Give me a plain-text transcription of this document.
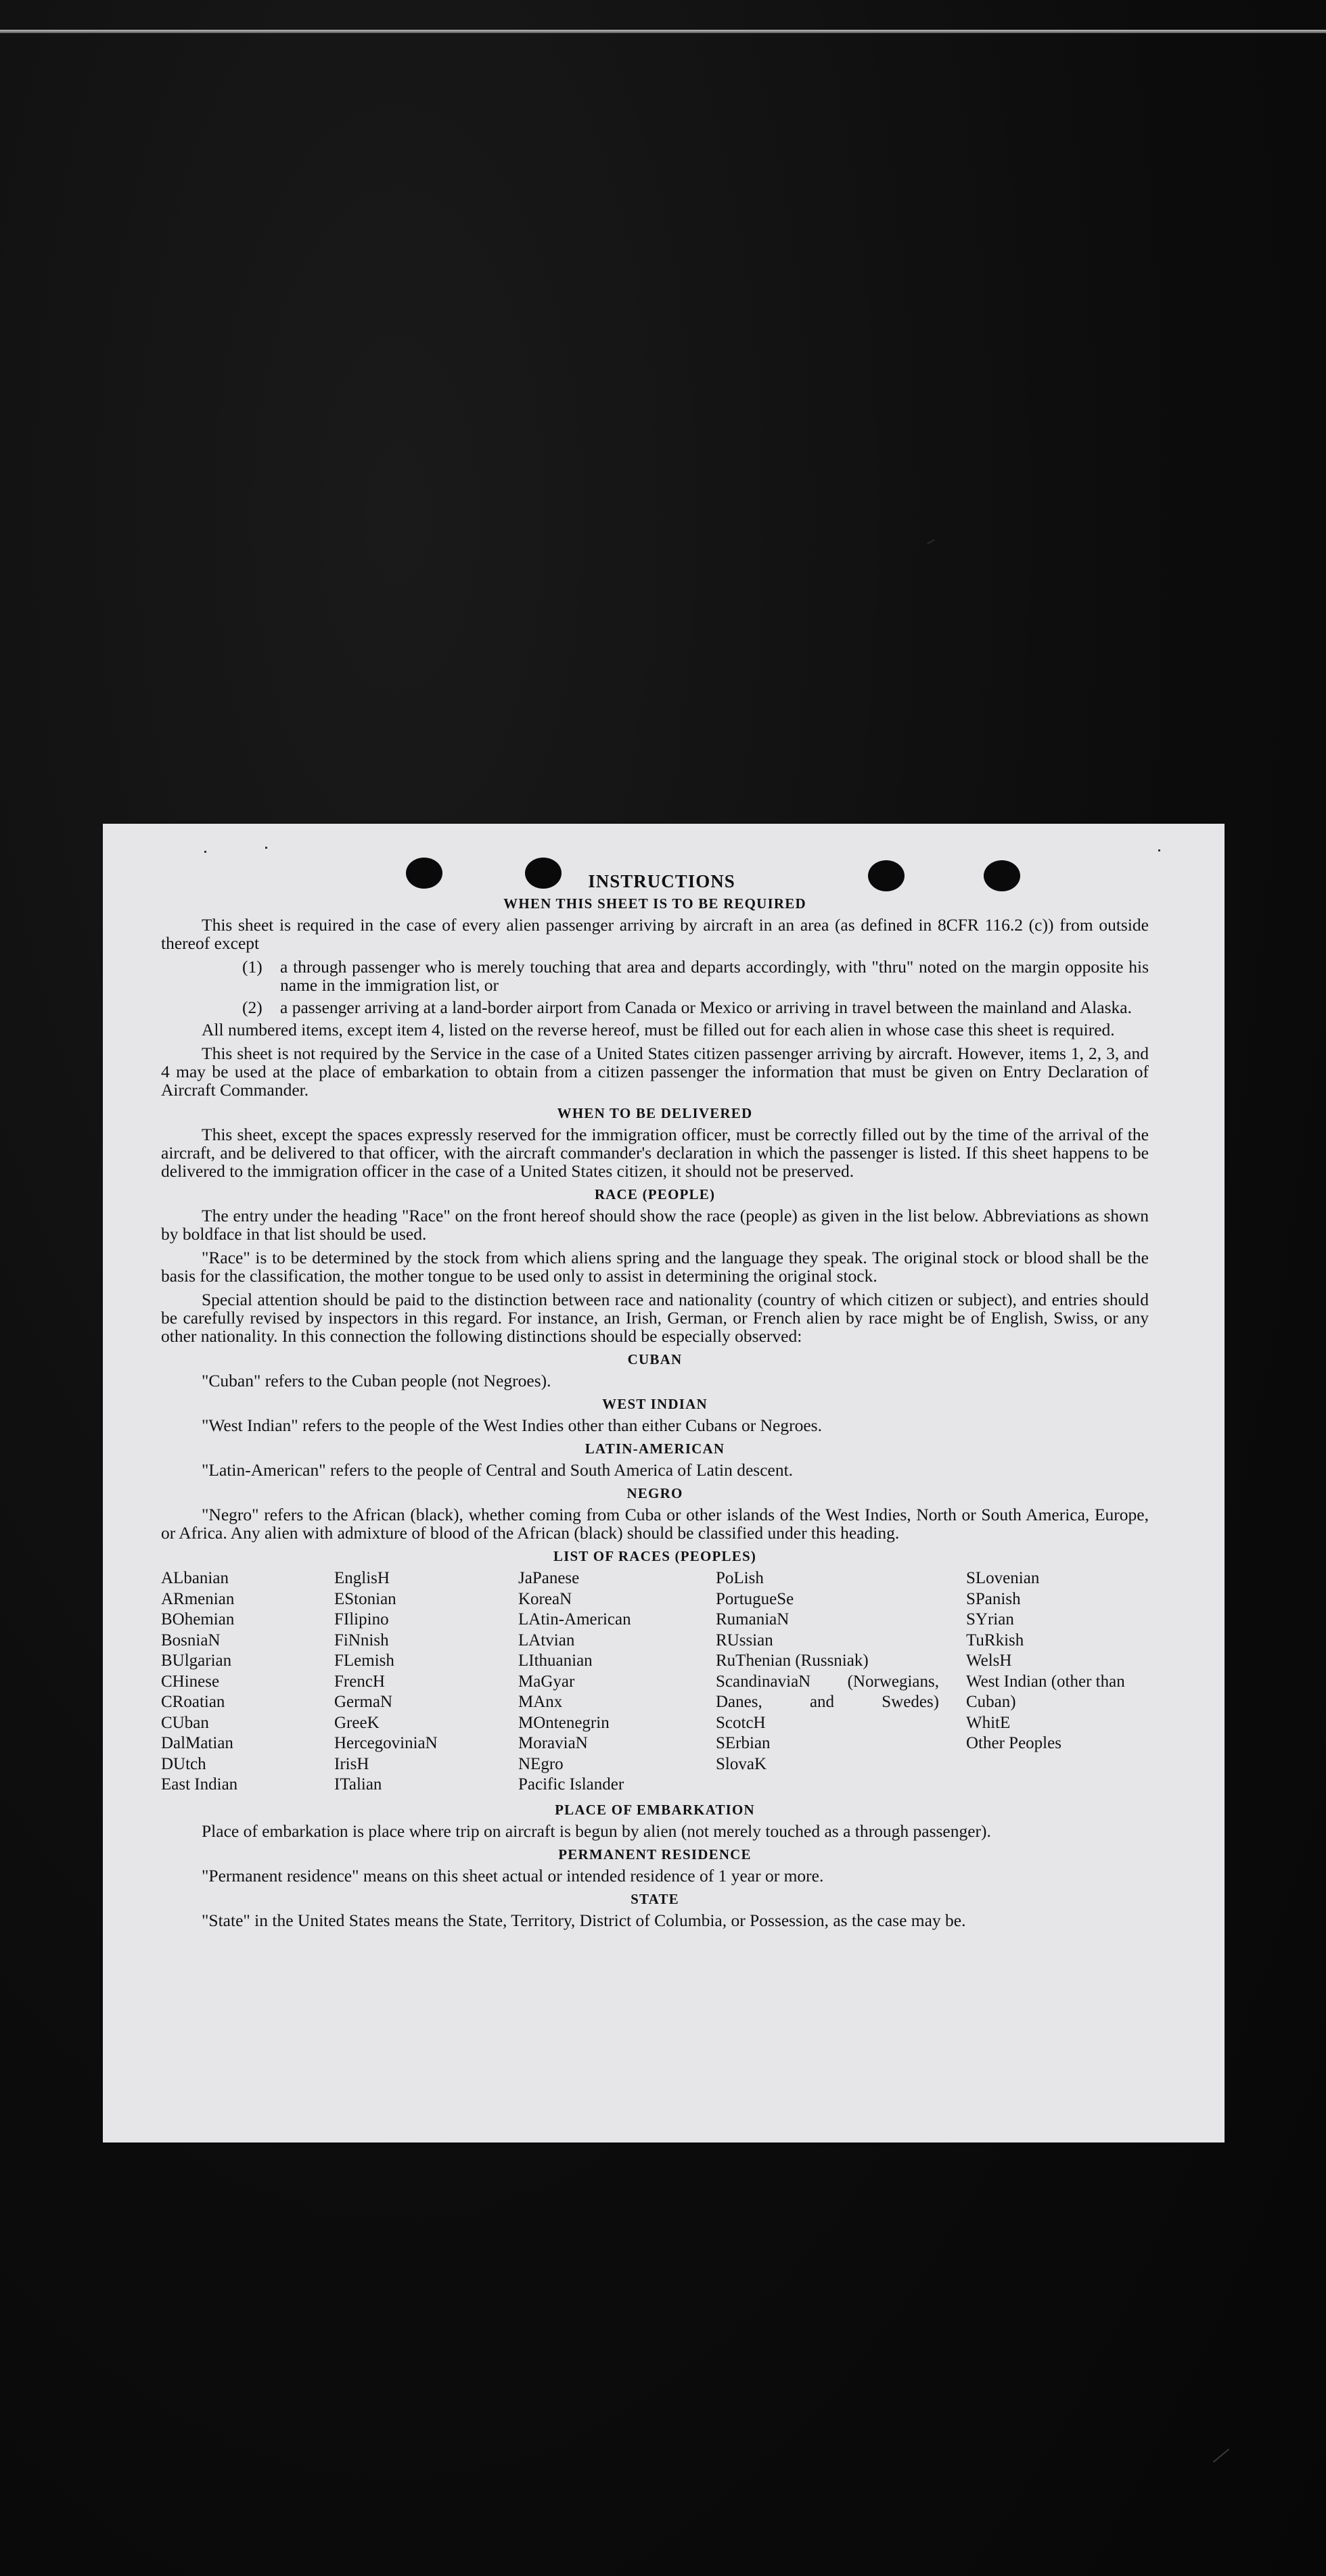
INSTRUCTIONS
WHEN THIS SHEET IS TO BE REQUIRED

This sheet is required in the case of every alien passenger arriving by aircraft in an area (as defined in 8CFR 116.2 (c)) from outside thereof except

(1)	a through passenger who is merely touching that area and departs accordingly, with "thru" noted on the margin opposite his name in the immigration list, or
(2)	a passenger arriving at a land-border airport from Canada or Mexico or arriving in travel between the mainland and Alaska.

All numbered items, except item 4, listed on the reverse hereof, must be filled out for each alien in whose case this sheet is required.

This sheet is not required by the Service in the case of a United States citizen passenger arriving by aircraft. However, items 1, 2, 3, and 4 may be used at the place of embarkation to obtain from a citizen passenger the information that must be given on Entry Declaration of Aircraft Commander.

WHEN TO BE DELIVERED

This sheet, except the spaces expressly reserved for the immigration officer, must be correctly filled out by the time of the arrival of the aircraft, and be delivered to that officer, with the aircraft commander's declaration in which the passenger is listed. If this sheet happens to be delivered to the immigration officer in the case of a United States citizen, it should not be preserved.

RACE (PEOPLE)

The entry under the heading "Race" on the front hereof should show the race (people) as given in the list below. Abbreviations as shown by boldface in that list should be used.

"Race" is to be determined by the stock from which aliens spring and the language they speak. The original stock or blood shall be the basis for the classification, the mother tongue to be used only to assist in determining the original stock.

Special attention should be paid to the distinction between race and nationality (country of which citizen or subject), and entries should be carefully revised by inspectors in this regard. For instance, an Irish, German, or French alien by race might be of English, Swiss, or any other nationality. In this connection the following distinctions should be especially observed:

CUBAN

"Cuban" refers to the Cuban people (not Negroes).

WEST INDIAN

"West Indian" refers to the people of the West Indies other than either Cubans or Negroes.

LATIN-AMERICAN

"Latin-American" refers to the people of Central and South America of Latin descent.

NEGRO

"Negro" refers to the African (black), whether coming from Cuba or other islands of the West Indies, North or South America, Europe, or Africa. Any alien with admixture of blood of the African (black) should be classified under this heading.

LIST OF RACES (PEOPLES)
ALbanian
ARmenian
BOhemian
BosniaN
BUlgarian
CHinese
CRoatian
CUban
DalMatian
DUtch
East Indian
EnglisH
EStonian
FIlipino
FiNnish
FLemish
FrencH
GermaN
GreeK
HercegoviniaN
IrisH
ITalian
JaPanese
KoreaN
LAtin-American
LAtvian
LIthuanian
MaGyar
MAnx
MOntenegrin
MoraviaN
NEgro
Pacific Islander
PoLish
PortugueSe
RumaniaN
RUssian
RuThenian (Russniak)
ScandinaviaN (Norwegians, Danes, and Swedes)
ScotcH
SErbian
SlovaK
SLovenian
SPanish
SYrian
TuRkish
WelsH
West Indian (other than Cuban)
WhitE
Other Peoples
PLACE OF EMBARKATION

Place of embarkation is place where trip on aircraft is begun by alien (not merely touched as a through passenger).

PERMANENT RESIDENCE

"Permanent residence" means on this sheet actual or intended residence of 1 year or more.

STATE

"State" in the United States means the State, Territory, District of Columbia, or Possession, as the case may be.
